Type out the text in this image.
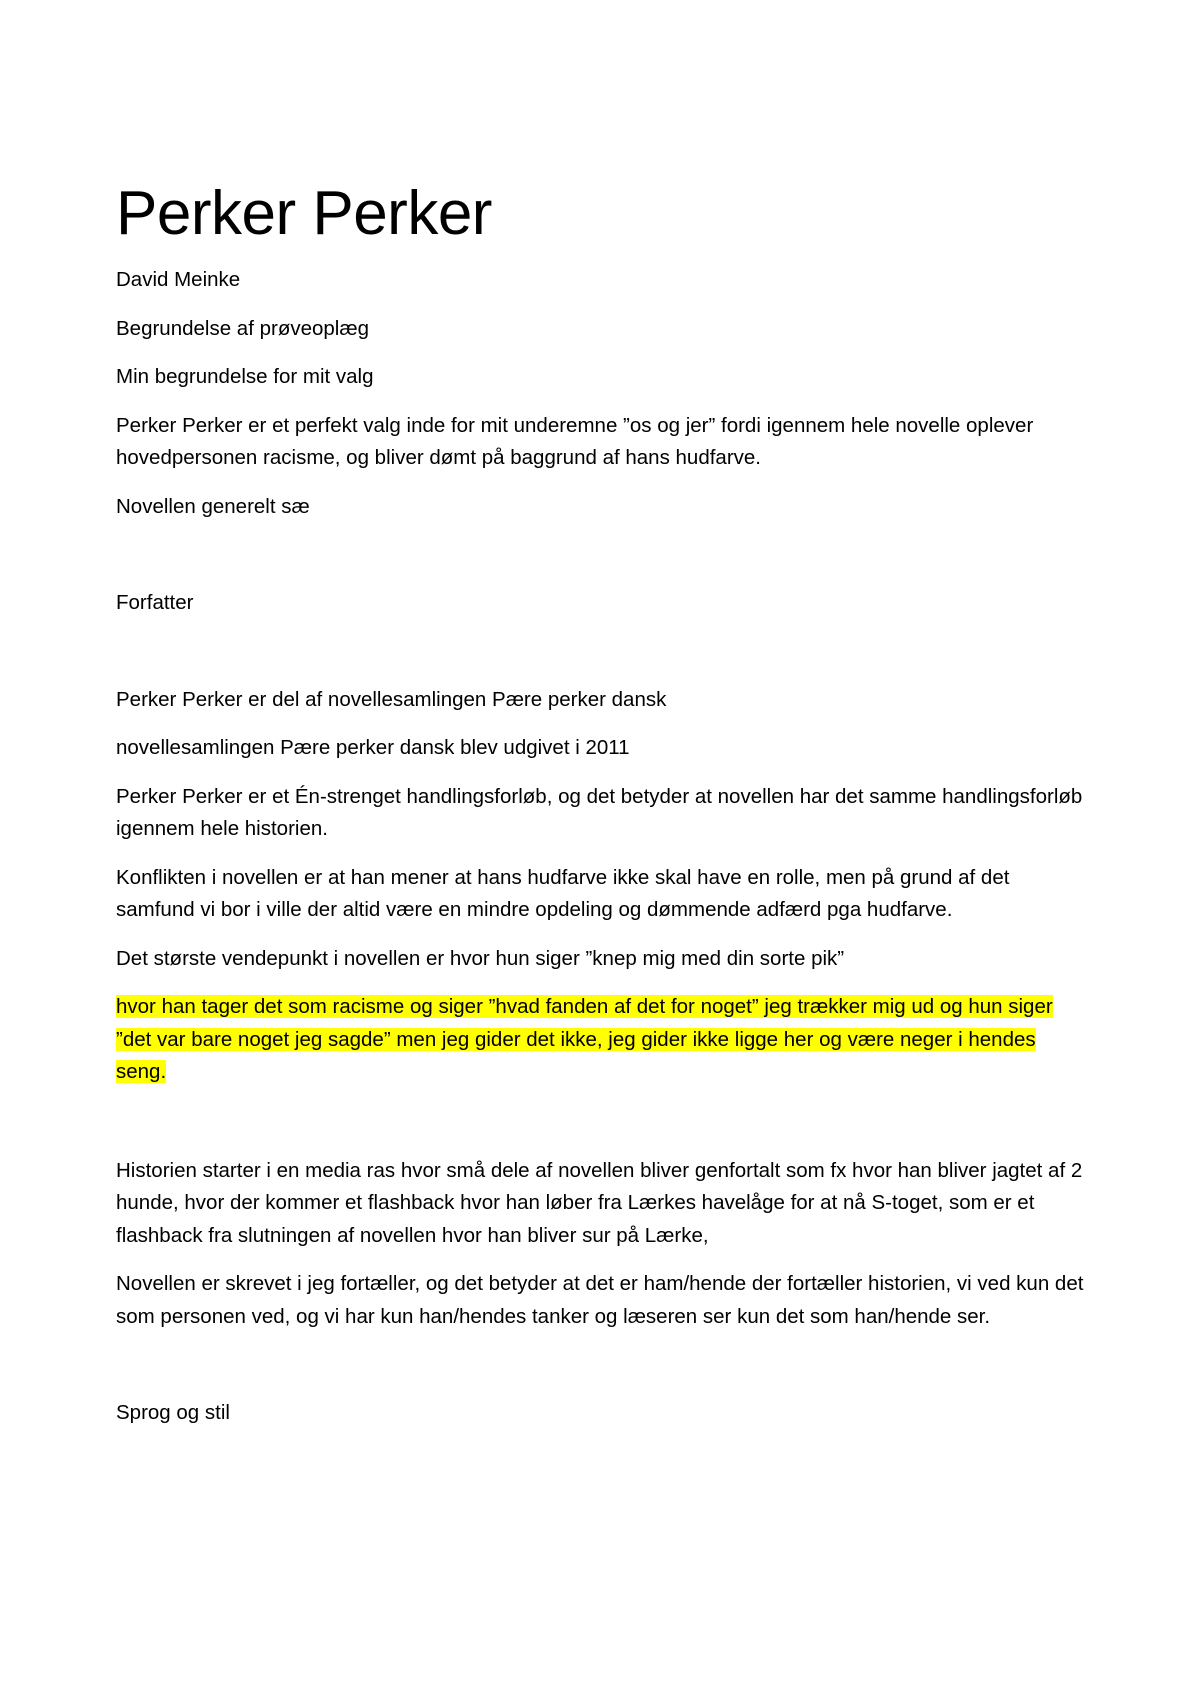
Perker Perker
David Meinke
Begrundelse af prøveoplæg
Min begrundelse for mit valg
Perker Perker er et perfekt valg inde for mit underemne ”os og jer” fordi igennem hele novelle oplever hovedpersonen racisme, og bliver dømt på baggrund af hans hudfarve.
Novellen generelt sæ
Forfatter
Perker Perker er del af novellesamlingen Pære perker dansk
novellesamlingen Pære perker dansk blev udgivet i 2011
Perker Perker er et Én-strenget handlingsforløb, og det betyder at novellen har det samme handlingsforløb igennem hele historien.
Konflikten i novellen er at han mener at hans hudfarve ikke skal have en rolle, men på grund af det samfund vi bor i ville der altid være en mindre opdeling og dømmende adfærd pga hudfarve.
Det største vendepunkt i novellen er hvor hun siger ”knep mig med din sorte pik”
hvor han tager det som racisme og siger ”hvad fanden af det for noget” jeg trækker mig ud og hun siger ”det var bare noget jeg sagde” men jeg gider det ikke, jeg gider ikke ligge her og være neger i hendes seng.
Historien starter i en media ras hvor små dele af novellen bliver genfortalt som fx hvor han bliver jagtet af 2 hunde, hvor der kommer et flashback hvor han løber fra Lærkes havelåge for at nå S-toget, som er et flashback fra slutningen af novellen hvor han bliver sur på Lærke,
Novellen er skrevet i jeg fortæller, og det betyder at det er ham/hende der fortæller historien, vi ved kun det som personen ved, og vi har kun han/hendes tanker og læseren ser kun det som han/hende ser.
Sprog og stil
